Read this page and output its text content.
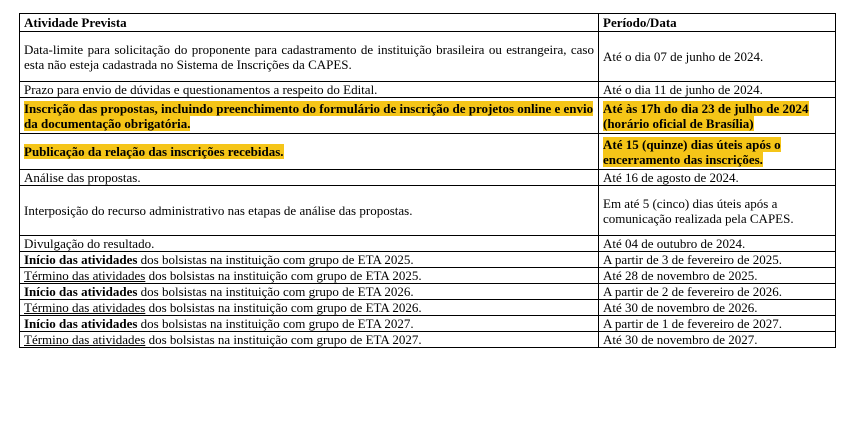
Atividade Prevista	Período/Data
Data-limite para solicitação do proponente para cadastramento de instituição brasileira ou estrangeira, caso esta não esteja cadastrada no Sistema de Inscrições da CAPES.	Até o dia 07 de junho de 2024.
Prazo para envio de dúvidas e questionamentos a respeito do Edital.	Até o dia 11 de junho de 2024.
Inscrição das propostas, incluindo preenchimento do formulário de inscrição de projetos online e envio da documentação obrigatória.	Até às 17h do dia 23 de julho de 2024 (horário oficial de Brasília)
Publicação da relação das inscrições recebidas.	Até 15 (quinze) dias úteis após o encerramento das inscrições.
Análise das propostas.	Até 16 de agosto de 2024.
Interposição do recurso administrativo nas etapas de análise das propostas.	Em até 5 (cinco) dias úteis após a comunicação realizada pela CAPES.
Divulgação do resultado.	Até 04 de outubro de 2024.
Início das atividades dos bolsistas na instituição com grupo de ETA 2025.	A partir de 3 de fevereiro de 2025.
Término das atividades dos bolsistas na instituição com grupo de ETA 2025.	Até 28 de novembro de 2025.
Início das atividades dos bolsistas na instituição com grupo de ETA 2026.	A partir de 2 de fevereiro de 2026.
Término das atividades dos bolsistas na instituição com grupo de ETA 2026.	Até 30 de novembro de 2026.
Início das atividades dos bolsistas na instituição com grupo de ETA 2027.	A partir de 1 de fevereiro de 2027.
Término das atividades dos bolsistas na instituição com grupo de ETA 2027.	Até 30 de novembro de 2027.
